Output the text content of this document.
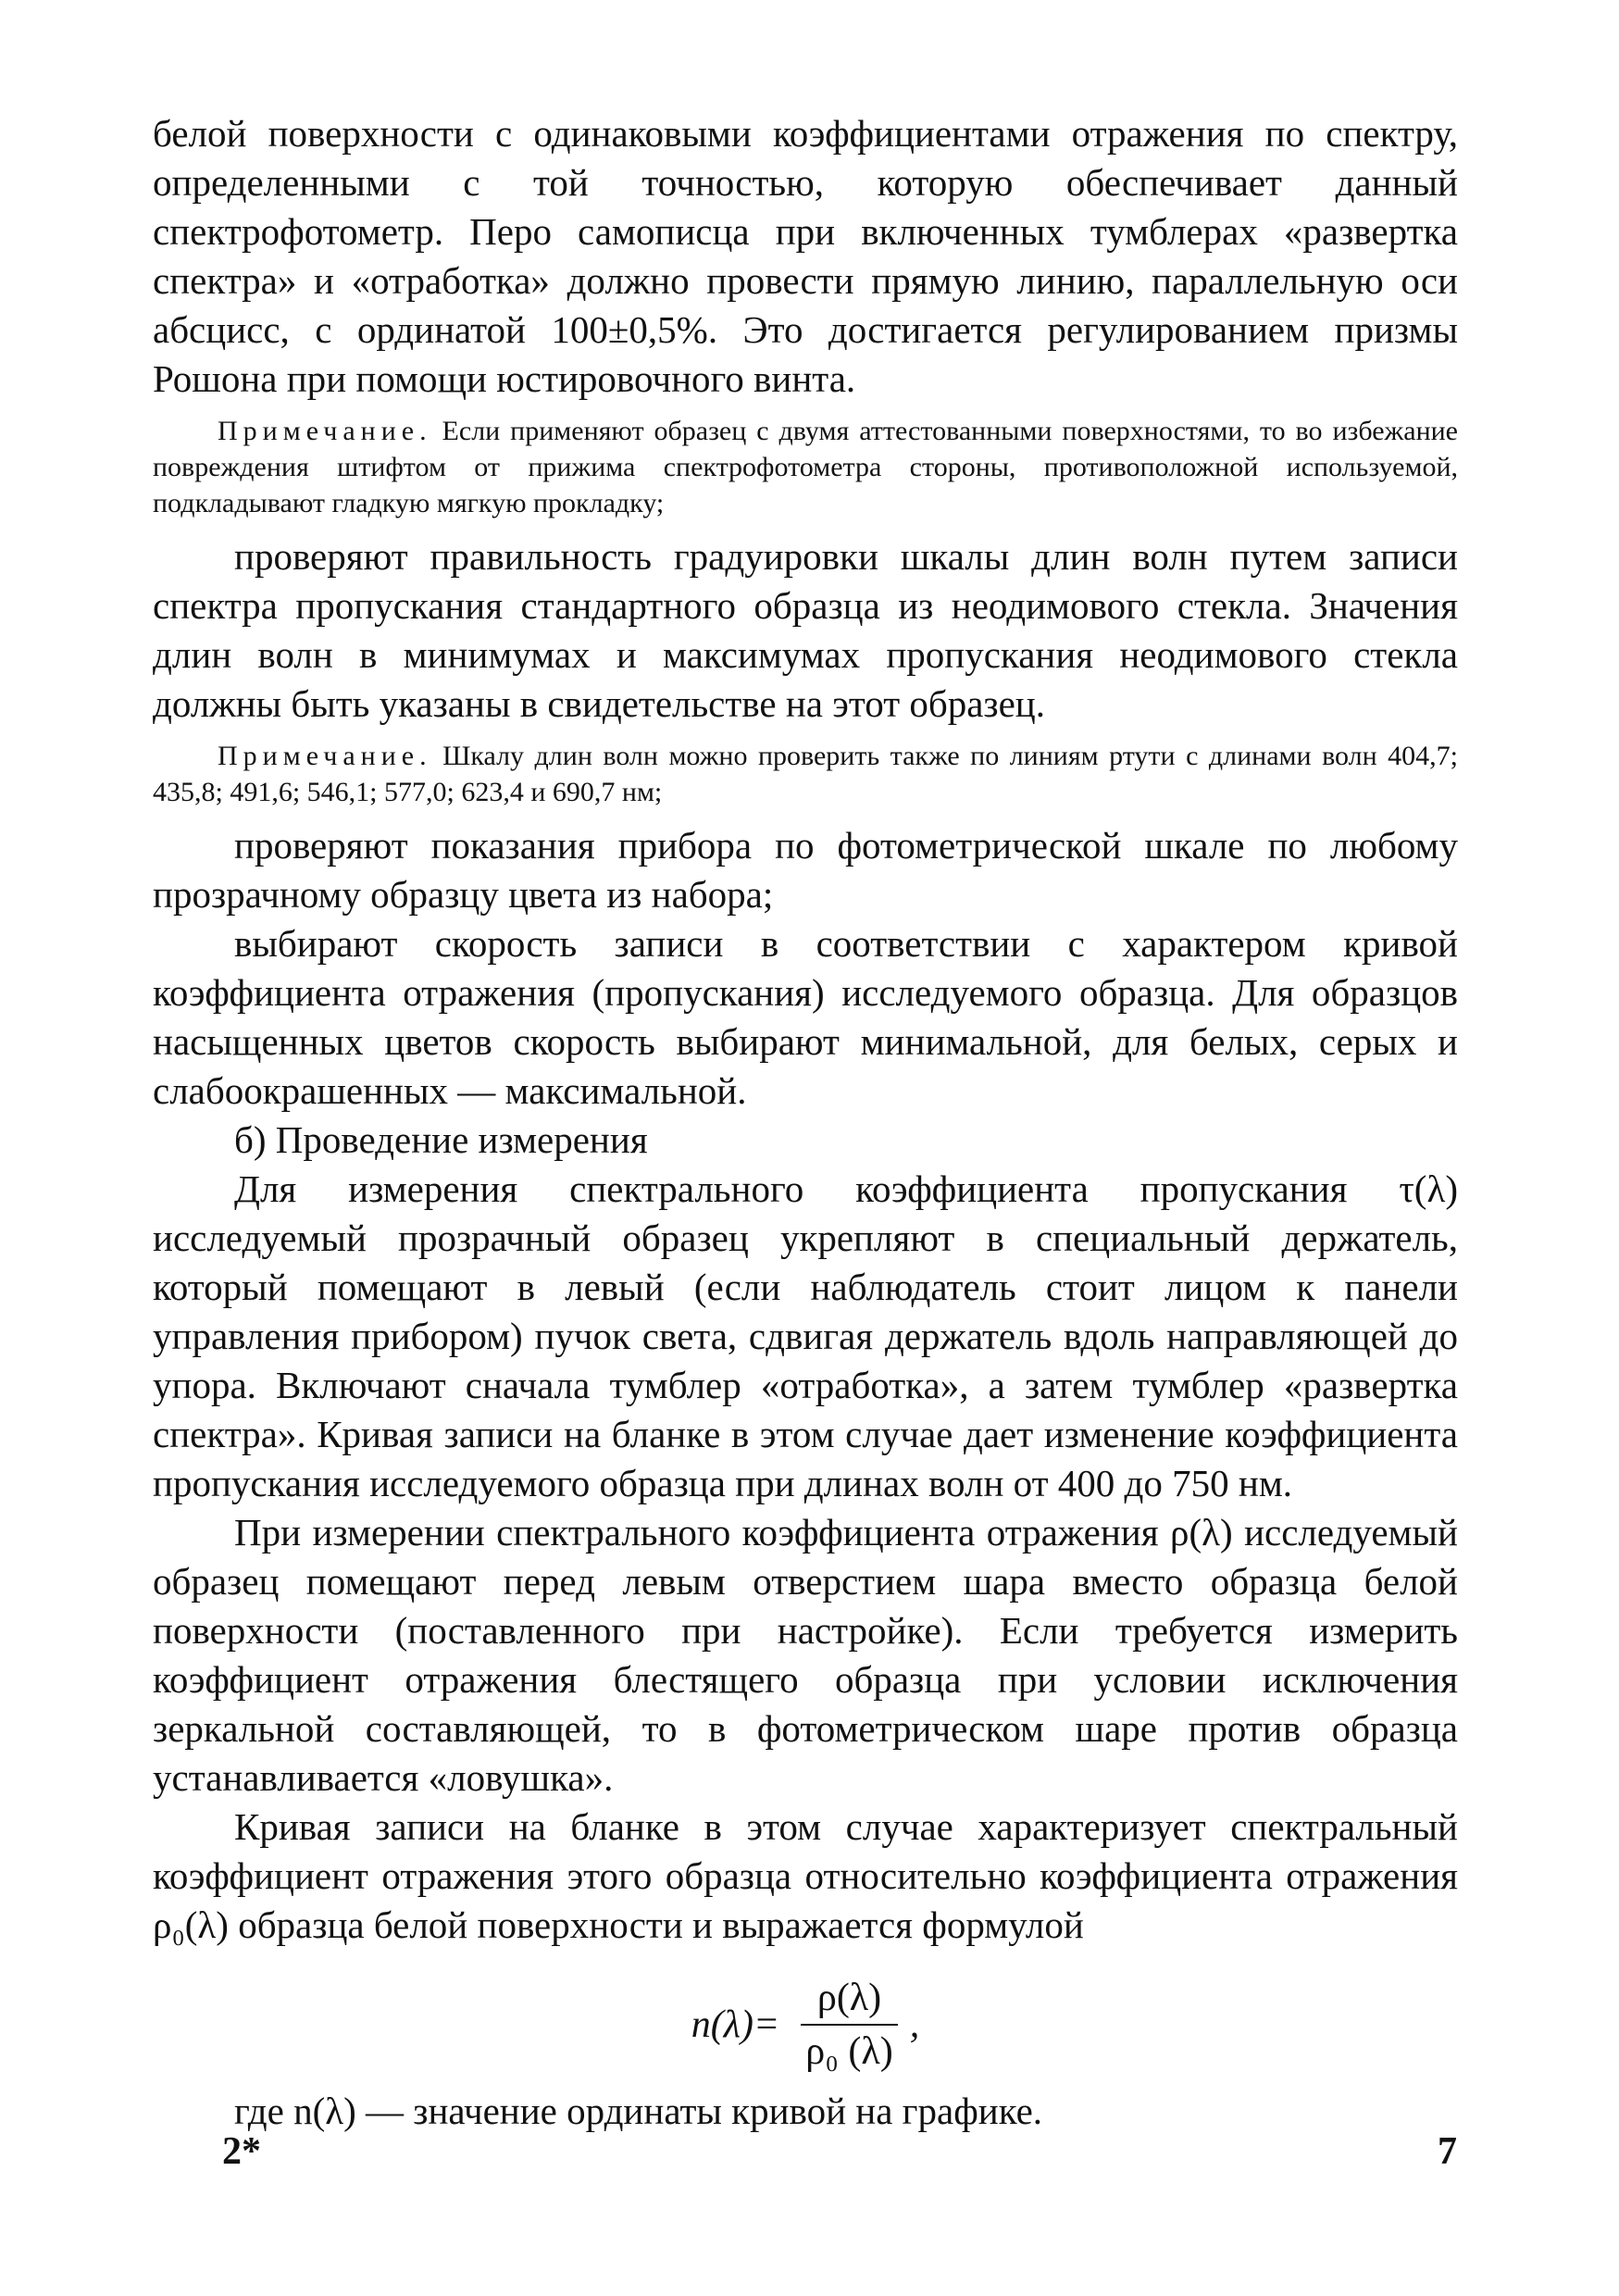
белой поверхности с одинаковыми коэффициентами отражения по спектру, определенными с той точностью, которую обеспечивает данный спектрофотометр. Перо самописца при включенных тумблерах «развертка спектра» и «отработка» должно провести прямую линию, параллельную оси абсцисс, с ординатой 100±0,5%. Это достигается регулированием призмы Рошона при помощи юстировочного винта.

Примечание. Если применяют образец с двумя аттестованными поверхностями, то во избежание повреждения штифтом от прижима спектрофотометра стороны, противоположной используемой, подкладывают гладкую мягкую прокладку;

проверяют правильность градуировки шкалы длин волн путем записи спектра пропускания стандартного образца из неодимового стекла. Значения длин волн в минимумах и максимумах пропускания неодимового стекла должны быть указаны в свидетельстве на этот образец.

Примечание. Шкалу длин волн можно проверить также по линиям ртути с длинами волн 404,7; 435,8; 491,6; 546,1; 577,0; 623,4 и 690,7 нм;

проверяют показания прибора по фотометрической шкале по любому прозрачному образцу цвета из набора;

выбирают скорость записи в соответствии с характером кривой коэффициента отражения (пропускания) исследуемого образца. Для образцов насыщенных цветов скорость выбирают минимальной, для белых, серых и слабоокрашенных — максимальной.

б) Проведение измерения

Для измерения спектрального коэффициента пропускания τ(λ) исследуемый прозрачный образец укрепляют в специальный держатель, который помещают в левый (если наблюдатель стоит лицом к панели управления прибором) пучок света, сдвигая держатель вдоль направляющей до упора. Включают сначала тумблер «отработка», а затем тумблер «развертка спектра». Кривая записи на бланке в этом случае дает изменение коэффициента пропускания исследуемого образца при длинах волн от 400 до 750 нм.

При измерении спектрального коэффициента отражения ρ(λ) исследуемый образец помещают перед левым отверстием шара вместо образца белой поверхности (поставленного при настройке). Если требуется измерить коэффициент отражения блестящего образца при условии исключения зеркальной составляющей, то в фотометрическом шаре против образца устанавливается «ловушка».

Кривая записи на бланке в этом случае характеризует спектральный коэффициент отражения этого образца относительно коэффициента отражения ρ₀(λ) образца белой поверхности и выражается формулой

$n(\lambda)= \frac{\rho(\lambda)}{\text{ρ₀ (λ)}}$ ,

где n(λ) — значение ординаты кривой на графике.

2*	7
